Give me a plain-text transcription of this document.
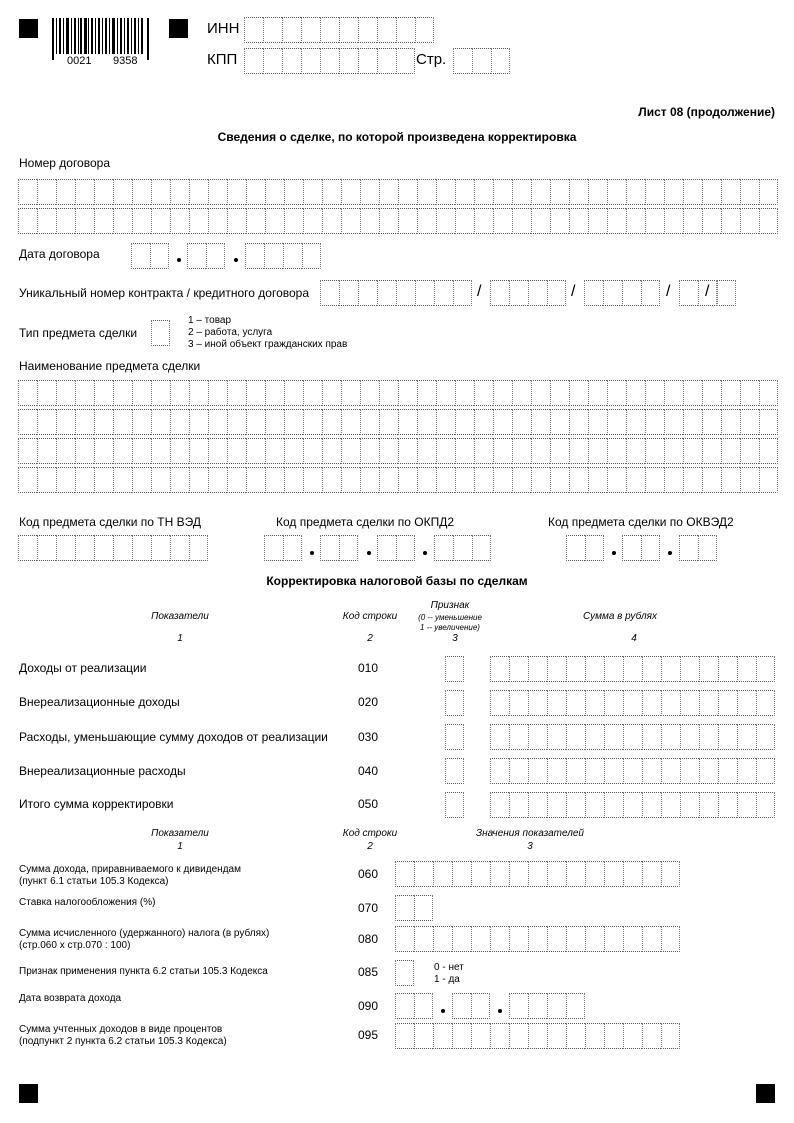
0021 9358
ИНН
КПП	Стр.
Лист 08 (продолжение)
Сведения о сделке, по которой произведена корректировка
Номер договора
Дата договора
Уникальный номер контракта / кредитного договора	/	/	/ /
Тип предмета сделки
1 – товар
2 – работа, услуга
3 – иной объект гражданских прав
Наименование предмета сделки
Код предмета сделки по ТН ВЭД	Код предмета сделки по ОКПД2	Код предмета сделки по ОКВЭД2
Корректировка налоговой базы по сделкам
Показатели	Код строки
Признак
(0 -- уменьшение
1 -- увеличение)
Сумма в рублях
1	2	3	4
Доходы от реализации	010
Внереализационные доходы	020
Расходы, уменьшающие сумму доходов от реализации	030
Внереализационные расходы	040
Итого сумма корректировки	050
Показатели	Код строки	Значения показателей
1	2	3
Сумма дохода, приравниваемого к дивидендам
(пункт 6.1 статьи 105.3 Кодекса)
060
Ставка налогообложения (%)	070
Сумма исчисленного (удержанного) налога (в рублях)
(стр.060 х стр.070 : 100)	080
Признак применения пункта 6.2 статьи 105.3 Кодекса	085	0 - нет
1 - да
Дата возврата дохода
090
Сумма учтенных доходов в виде процентов
(подпункт 2 пункта 6.2 статьи 105.3 Кодекса)	095
